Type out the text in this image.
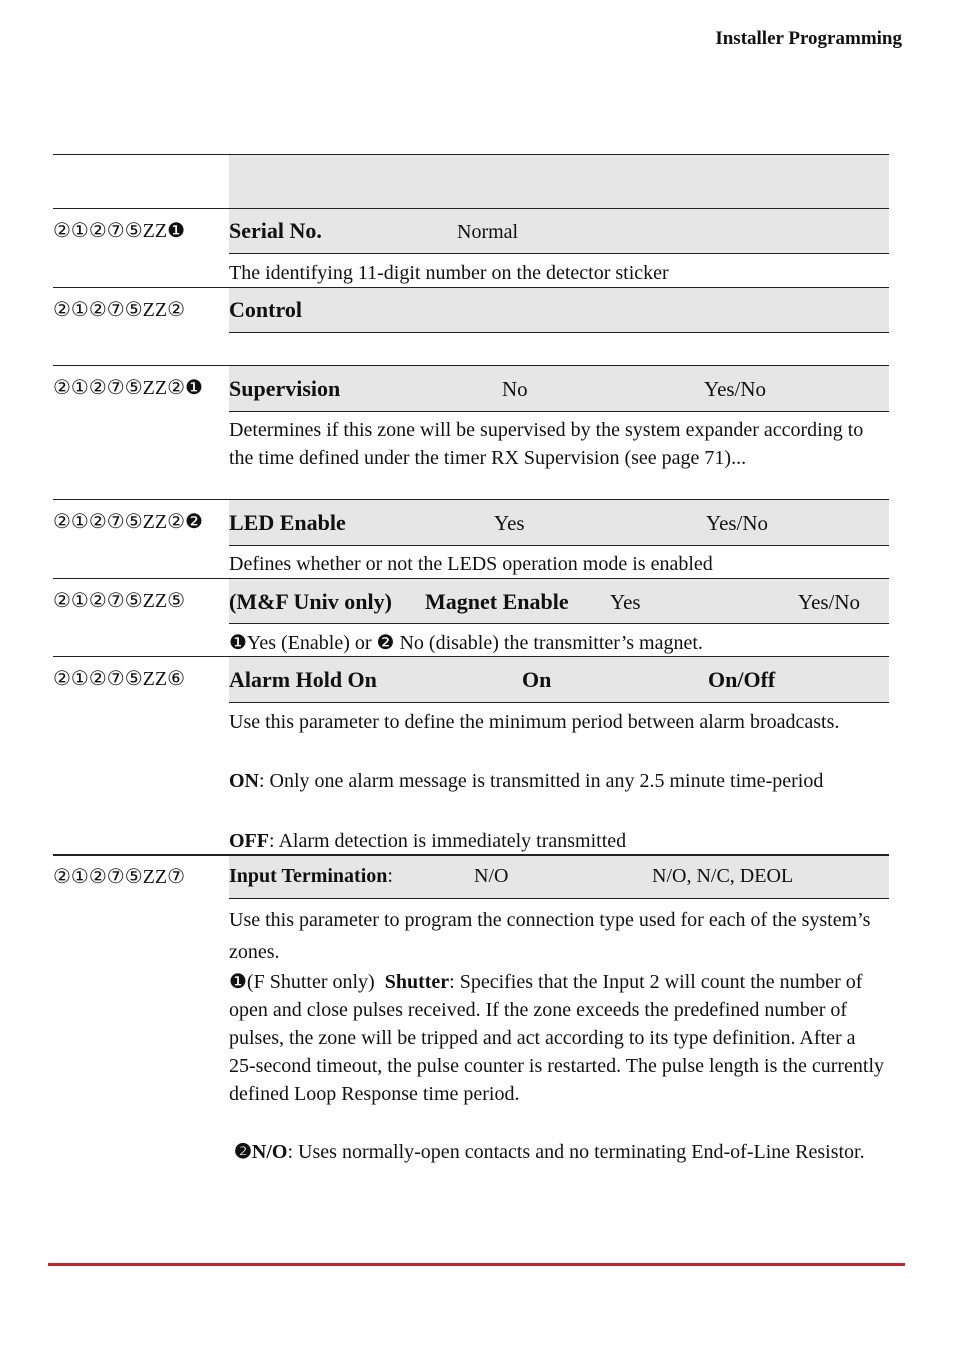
Installer Programming
②①②⑦⑤ZZ❶ Serial No.	Normal
The identifying 11-digit number on the detector sticker
②①②⑦⑤ZZ② Control
②①②⑦⑤ZZ②❶ Supervision	No	Yes/No
Determines if this zone will be supervised by the system expander according to the time defined under the timer RX Supervision (see page 71)...
②①②⑦⑤ZZ②❷ LED Enable	Yes	Yes/No
Defines whether or not the LEDS operation mode is enabled
②①②⑦⑤ZZ⑤ (M&F Univ only) Magnet Enable Yes	Yes/No
❶Yes (Enable) or ❷ No (disable) the transmitter’s magnet.
②①②⑦⑤ZZ⑥ Alarm Hold On	On	On/Off
Use this parameter to define the minimum period between alarm broadcasts.
ON: Only one alarm message is transmitted in any 2.5 minute time-period
OFF: Alarm detection is immediately transmitted
②①②⑦⑤ZZ⑦ Input Termination:	N/O	N/O, N/C, DEOL
Use this parameter to program the connection type used for each of the system’s zones.
❶(F Shutter only) Shutter: Specifies that the Input 2 will count the number of open and close pulses received. If the zone exceeds the predefined number of pulses, the zone will be tripped and act according to its type definition. After a 25-second timeout, the pulse counter is restarted. The pulse length is the currently defined Loop Response time period.
❷N/O: Uses normally-open contacts and no terminating End-of-Line Resistor.
